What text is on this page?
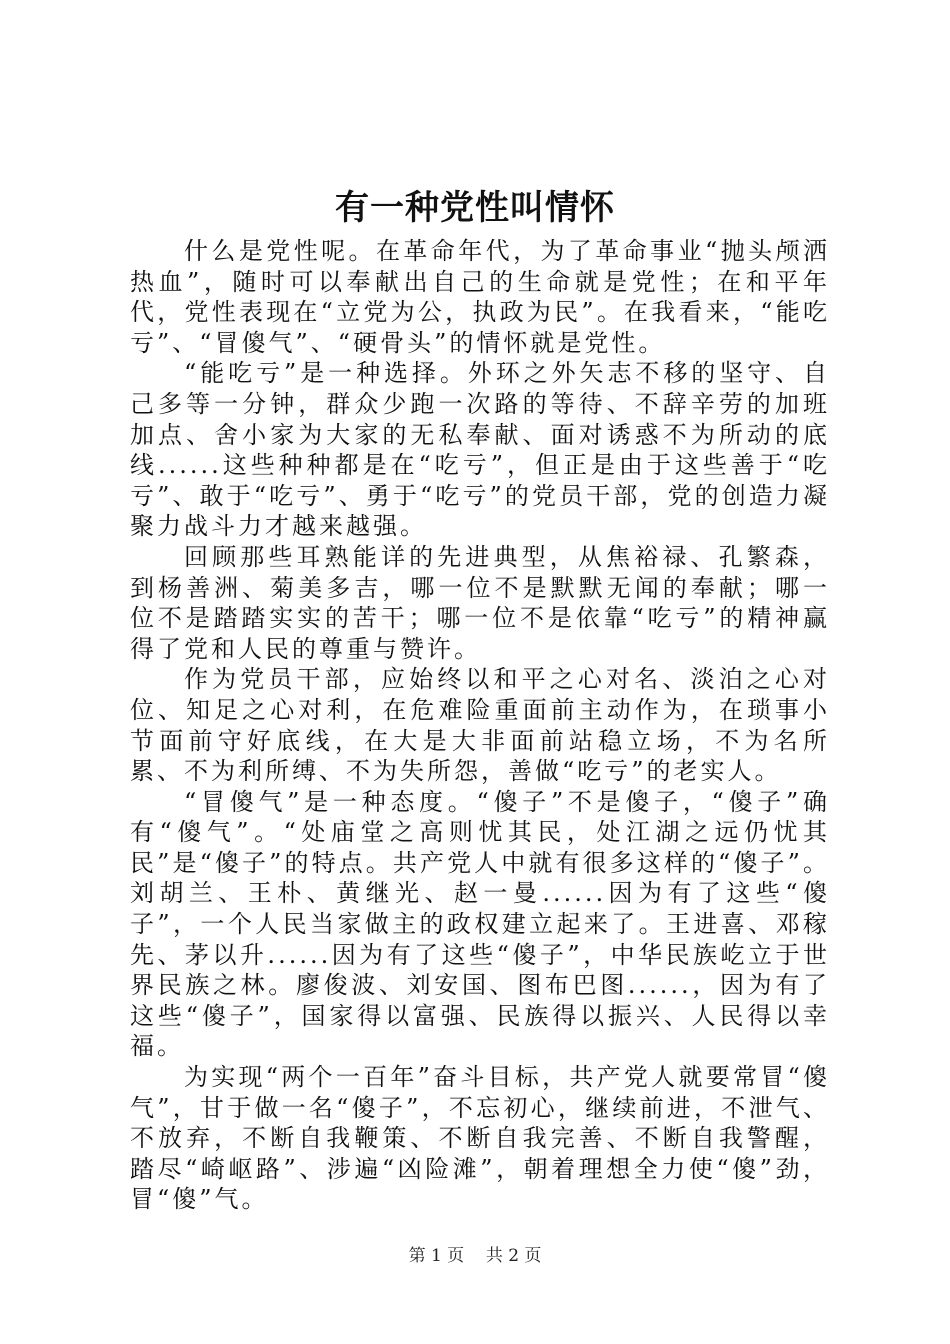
有一种党性叫情怀

什么是党性呢。在革命年代，为了革命事业“抛头颅洒热血”，随时可以奉献出自己的生命就是党性；在和平年代，党性表现在“立党为公，执政为民”。在我看来，“能吃亏”、“冒傻气”、“硬骨头”的情怀就是党性。

“能吃亏”是一种选择。外环之外矢志不移的坚守、自己多等一分钟，群众少跑一次路的等待、不辞辛劳的加班加点、舍小家为大家的无私奉献、面对诱惑不为所动的底线......这些种种都是在“吃亏”，但正是由于这些善于“吃亏”、敢于“吃亏”、勇于“吃亏”的党员干部，党的创造力凝聚力战斗力才越来越强。

回顾那些耳熟能详的先进典型，从焦裕禄、孔繁森，到杨善洲、菊美多吉，哪一位不是默默无闻的奉献；哪一位不是踏踏实实的苦干；哪一位不是依靠“吃亏”的精神赢得了党和人民的尊重与赞许。

作为党员干部，应始终以和平之心对名、淡泊之心对位、知足之心对利，在危难险重面前主动作为，在琐事小节面前守好底线，在大是大非面前站稳立场，不为名所累、不为利所缚、不为失所怨，善做“吃亏”的老实人。

“冒傻气”是一种态度。“傻子”不是傻子，“傻子”确有“傻气”。“处庙堂之高则忧其民，处江湖之远仍忧其民”是“傻子”的特点。共产党人中就有很多这样的“傻子”。刘胡兰、王朴、黄继光、赵一曼......因为有了这些“傻子”，一个人民当家做主的政权建立起来了。王进喜、邓稼先、茅以升......因为有了这些“傻子”，中华民族屹立于世界民族之林。廖俊波、刘安国、图布巴图......，因为有了这些“傻子”，国家得以富强、民族得以振兴、人民得以幸福。

为实现“两个一百年”奋斗目标，共产党人就要常冒“傻气”，甘于做一名“傻子”，不忘初心，继续前进，不泄气、不放弃，不断自我鞭策、不断自我完善、不断自我警醒，踏尽“崎岖路”、涉遍“凶险滩”，朝着理想全力使“傻”劲，冒“傻”气。

第 1 页 共 2 页
